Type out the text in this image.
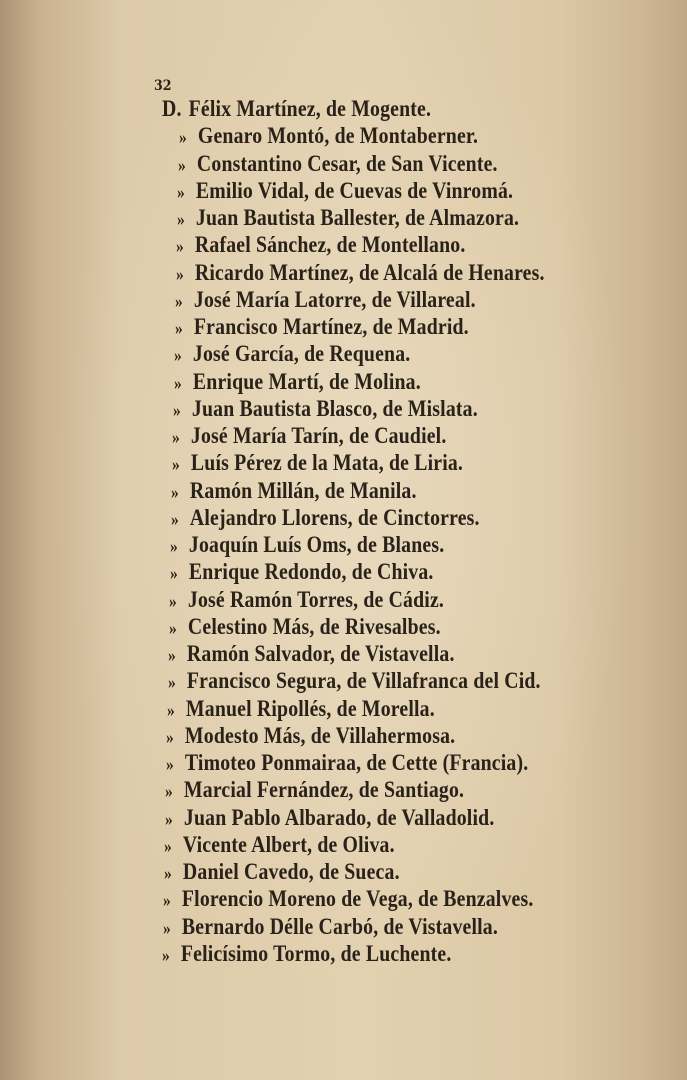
32
D. Félix Martínez, de Mogente.
» Genaro Montó, de Montaberner.
» Constantino Cesar, de San Vicente.
» Emilio Vidal, de Cuevas de Vinromá.
» Juan Bautista Ballester, de Almazora.
» Rafael Sánchez, de Montellano.
» Ricardo Martínez, de Alcalá de Henares.
» José María Latorre, de Villareal.
» Francisco Martínez, de Madrid.
» José García, de Requena.
» Enrique Martí, de Molina.
» Juan Bautista Blasco, de Mislata.
» José María Tarín, de Caudiel.
» Luís Pérez de la Mata, de Liria.
» Ramón Millán, de Manila.
» Alejandro Llorens, de Cinctorres.
» Joaquín Luís Oms, de Blanes.
» Enrique Redondo, de Chiva.
» José Ramón Torres, de Cádiz.
» Celestino Más, de Rivesalbes.
» Ramón Salvador, de Vistavella.
» Francisco Segura, de Villafranca del Cid.
» Manuel Ripollés, de Morella.
» Modesto Más, de Villahermosa.
» Timoteo Ponmairaa, de Cette (Francia).
» Marcial Fernández, de Santiago.
» Juan Pablo Albarado, de Valladolid.
» Vicente Albert, de Oliva.
» Daniel Cavedo, de Sueca.
» Florencio Moreno de Vega, de Benzalves.
» Bernardo Délle Carbó, de Vistavella.
» Felicísimo Tormo, de Luchente.
